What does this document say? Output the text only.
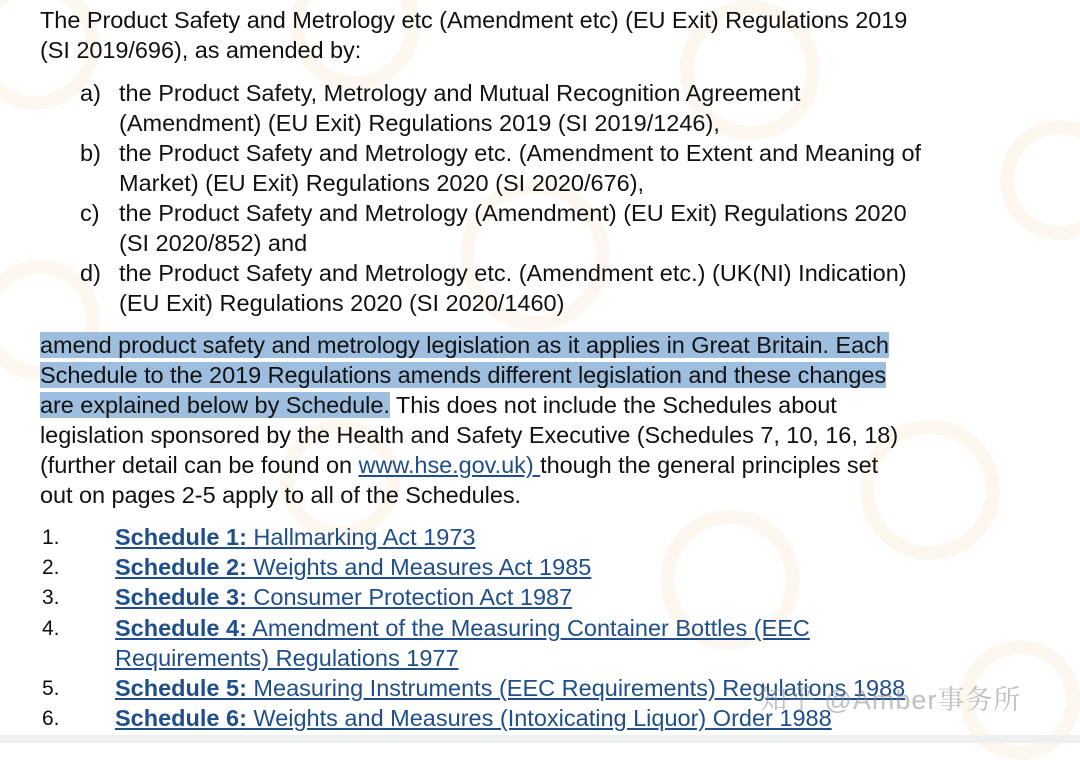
The Product Safety and Metrology etc (Amendment etc) (EU Exit) Regulations 2019
(SI 2019/696), as amended by:
a) the Product Safety, Metrology and Mutual Recognition Agreement
(Amendment) (EU Exit) Regulations 2019 (SI 2019/1246),
b) the Product Safety and Metrology etc. (Amendment to Extent and Meaning of
Market) (EU Exit) Regulations 2020 (SI 2020/676),
c) the Product Safety and Metrology (Amendment) (EU Exit) Regulations 2020
(SI 2020/852) and
d) the Product Safety and Metrology etc. (Amendment etc.) (UK(NI) Indication)
(EU Exit) Regulations 2020 (SI 2020/1460)
amend product safety and metrology legislation as it applies in Great Britain. Each
Schedule to the 2019 Regulations amends different legislation and these changes
are explained below by Schedule. This does not include the Schedules about
legislation sponsored by the Health and Safety Executive (Schedules 7, 10, 16, 18)
(further detail can be found on www.hse.gov.uk) though the general principles set
out on pages 2-5 apply to all of the Schedules.
1. Schedule 1: Hallmarking Act 1973
2. Schedule 2: Weights and Measures Act 1985
3. Schedule 3: Consumer Protection Act 1987
4. Schedule 4: Amendment of the Measuring Container Bottles (EEC
Requirements) Regulations 1977
5. Schedule 5: Measuring Instruments (EEC Requirements) Regulations 1988
6. Schedule 6: Weights and Measures (Intoxicating Liquor) Order 1988
知乎 @Amber事务所
